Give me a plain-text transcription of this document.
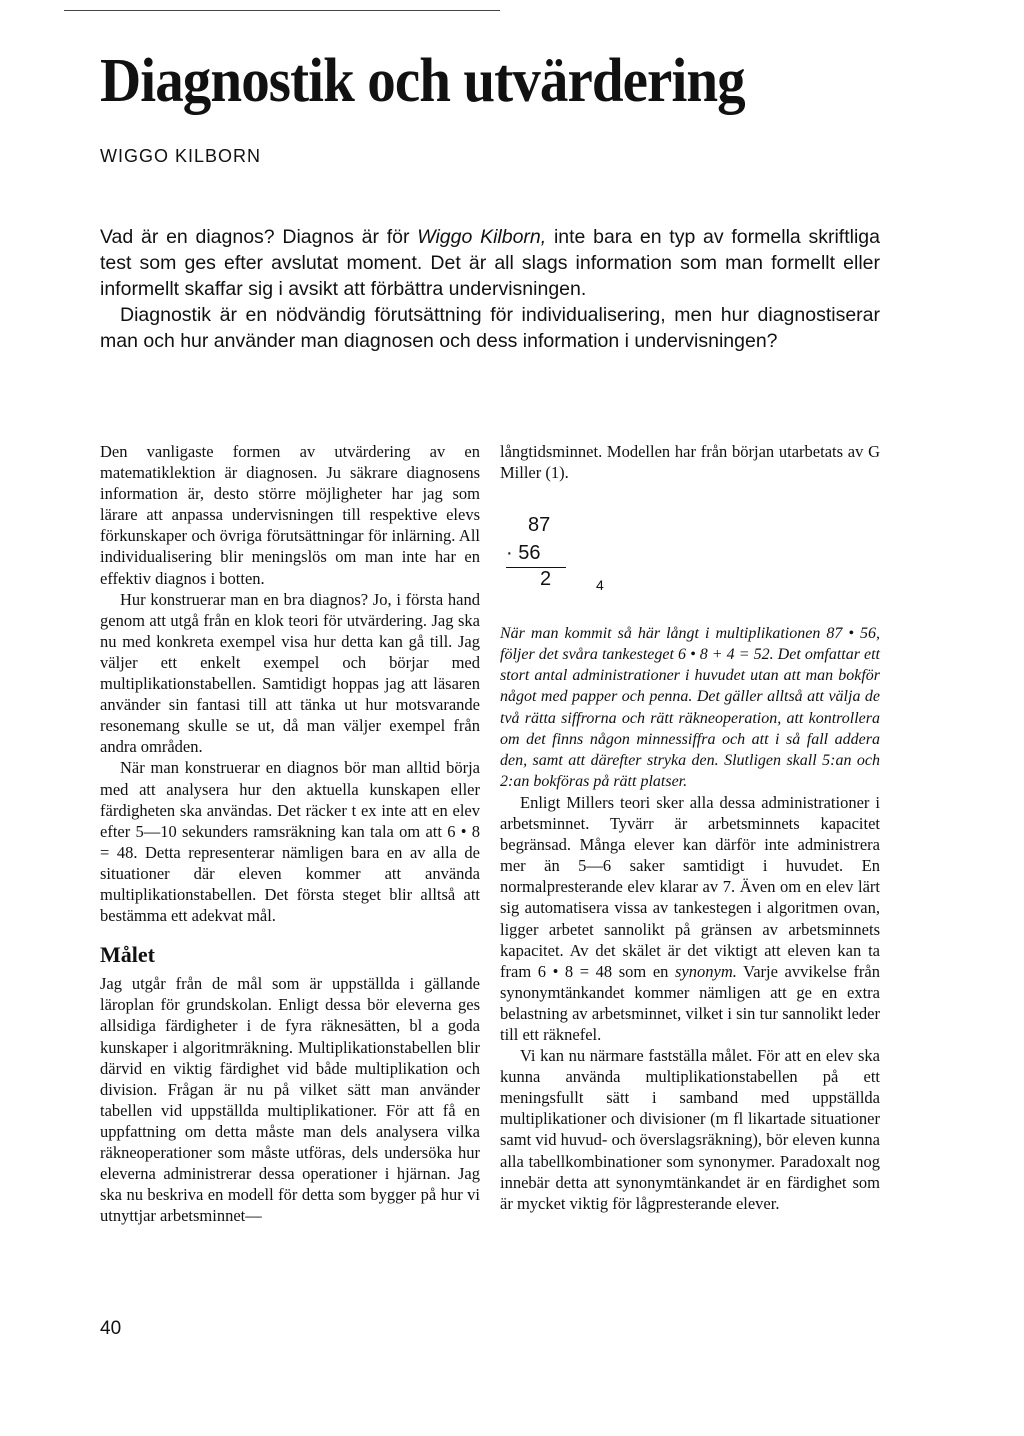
Diagnostik och utvärdering
WIGGO KILBORN

Vad är en diagnos? Diagnos är för Wiggo Kilborn, inte bara en typ av formella skriftliga test som ges efter avslutat moment. Det är all slags information som man formellt eller informellt skaffar sig i avsikt att förbättra undervisningen.

Diagnostik är en nödvändig förutsättning för individualisering, men hur diagnostiserar man och hur använder man diagnosen och dess information i undervisningen?

Den vanligaste formen av utvärdering av en matematiklektion är diagnosen. Ju säkrare diagnosens information är, desto större möjligheter har jag som lärare att anpassa undervisningen till respektive elevs förkunskaper och övriga förutsättningar för inlärning. All individualisering blir meningslös om man inte har en effektiv diagnos i botten.

Hur konstruerar man en bra diagnos? Jo, i första hand genom att utgå från en klok teori för utvärdering. Jag ska nu med konkreta exempel visa hur detta kan gå till. Jag väljer ett enkelt exempel och börjar med multiplikationstabellen. Samtidigt hoppas jag att läsaren använder sin fantasi till att tänka ut hur motsvarande resonemang skulle se ut, då man väljer exempel från andra områden.

När man konstruerar en diagnos bör man alltid börja med att analysera hur den aktuella kunskapen eller färdigheten ska användas. Det räcker t ex inte att en elev efter 5—10 sekunders ramsräkning kan tala om att 6 • 8 = 48. Detta representerar nämligen bara en av alla de situationer där eleven kommer att använda multiplikationstabellen. Det första steget blir alltså att bestämma ett adekvat mål.

Målet

Jag utgår från de mål som är uppställda i gällande läroplan för grundskolan. Enligt dessa bör eleverna ges allsidiga färdigheter i de fyra räknesätten, bl a goda kunskaper i algoritmräkning. Multiplikationstabellen blir därvid en viktig färdighet vid både multiplikation och division. Frågan är nu på vilket sätt man använder tabellen vid uppställda multiplikationer. För att få en uppfattning om detta måste man dels analysera vilka räkneoperationer som måste utföras, dels undersöka hur eleverna administrerar dessa operationer i hjärnan. Jag ska nu beskriva en modell för detta som bygger på hur vi utnyttjar arbetsminnet—

långtidsminnet. Modellen har från början utarbetats av G Miller (1).

87
· 56
2	4

När man kommit så här långt i multiplikationen 87 • 56, följer det svåra tankesteget 6 • 8 + 4 = 52. Det omfattar ett stort antal administrationer i huvudet utan att man bokför något med papper och penna. Det gäller alltså att välja de två rätta siffrorna och rätt räkneoperation, att kontrollera om det finns någon minnessiffra och att i så fall addera den, samt att därefter stryka den. Slutligen skall 5:an och 2:an bokföras på rätt platser.

Enligt Millers teori sker alla dessa administrationer i arbetsminnet. Tyvärr är arbetsminnets kapacitet begränsad. Många elever kan därför inte administrera mer än 5—6 saker samtidigt i huvudet. En normalpresterande elev klarar av 7. Även om en elev lärt sig automatisera vissa av tankestegen i algoritmen ovan, ligger arbetet sannolikt på gränsen av arbetsminnets kapacitet. Av det skälet är det viktigt att eleven kan ta fram 6 • 8 = 48 som en synonym. Varje avvikelse från synonymtänkandet kommer nämligen att ge en extra belastning av arbetsminnet, vilket i sin tur sannolikt leder till ett räknefel.

Vi kan nu närmare fastställa målet. För att en elev ska kunna använda multiplikationstabellen på ett meningsfullt sätt i samband med uppställda multiplikationer och divisioner (m fl likartade situationer samt vid huvud- och överslagsräkning), bör eleven kunna alla tabellkombinationer som synonymer. Paradoxalt nog innebär detta att synonymtänkandet är en färdighet som är mycket viktig för lågpresterande elever.

40
